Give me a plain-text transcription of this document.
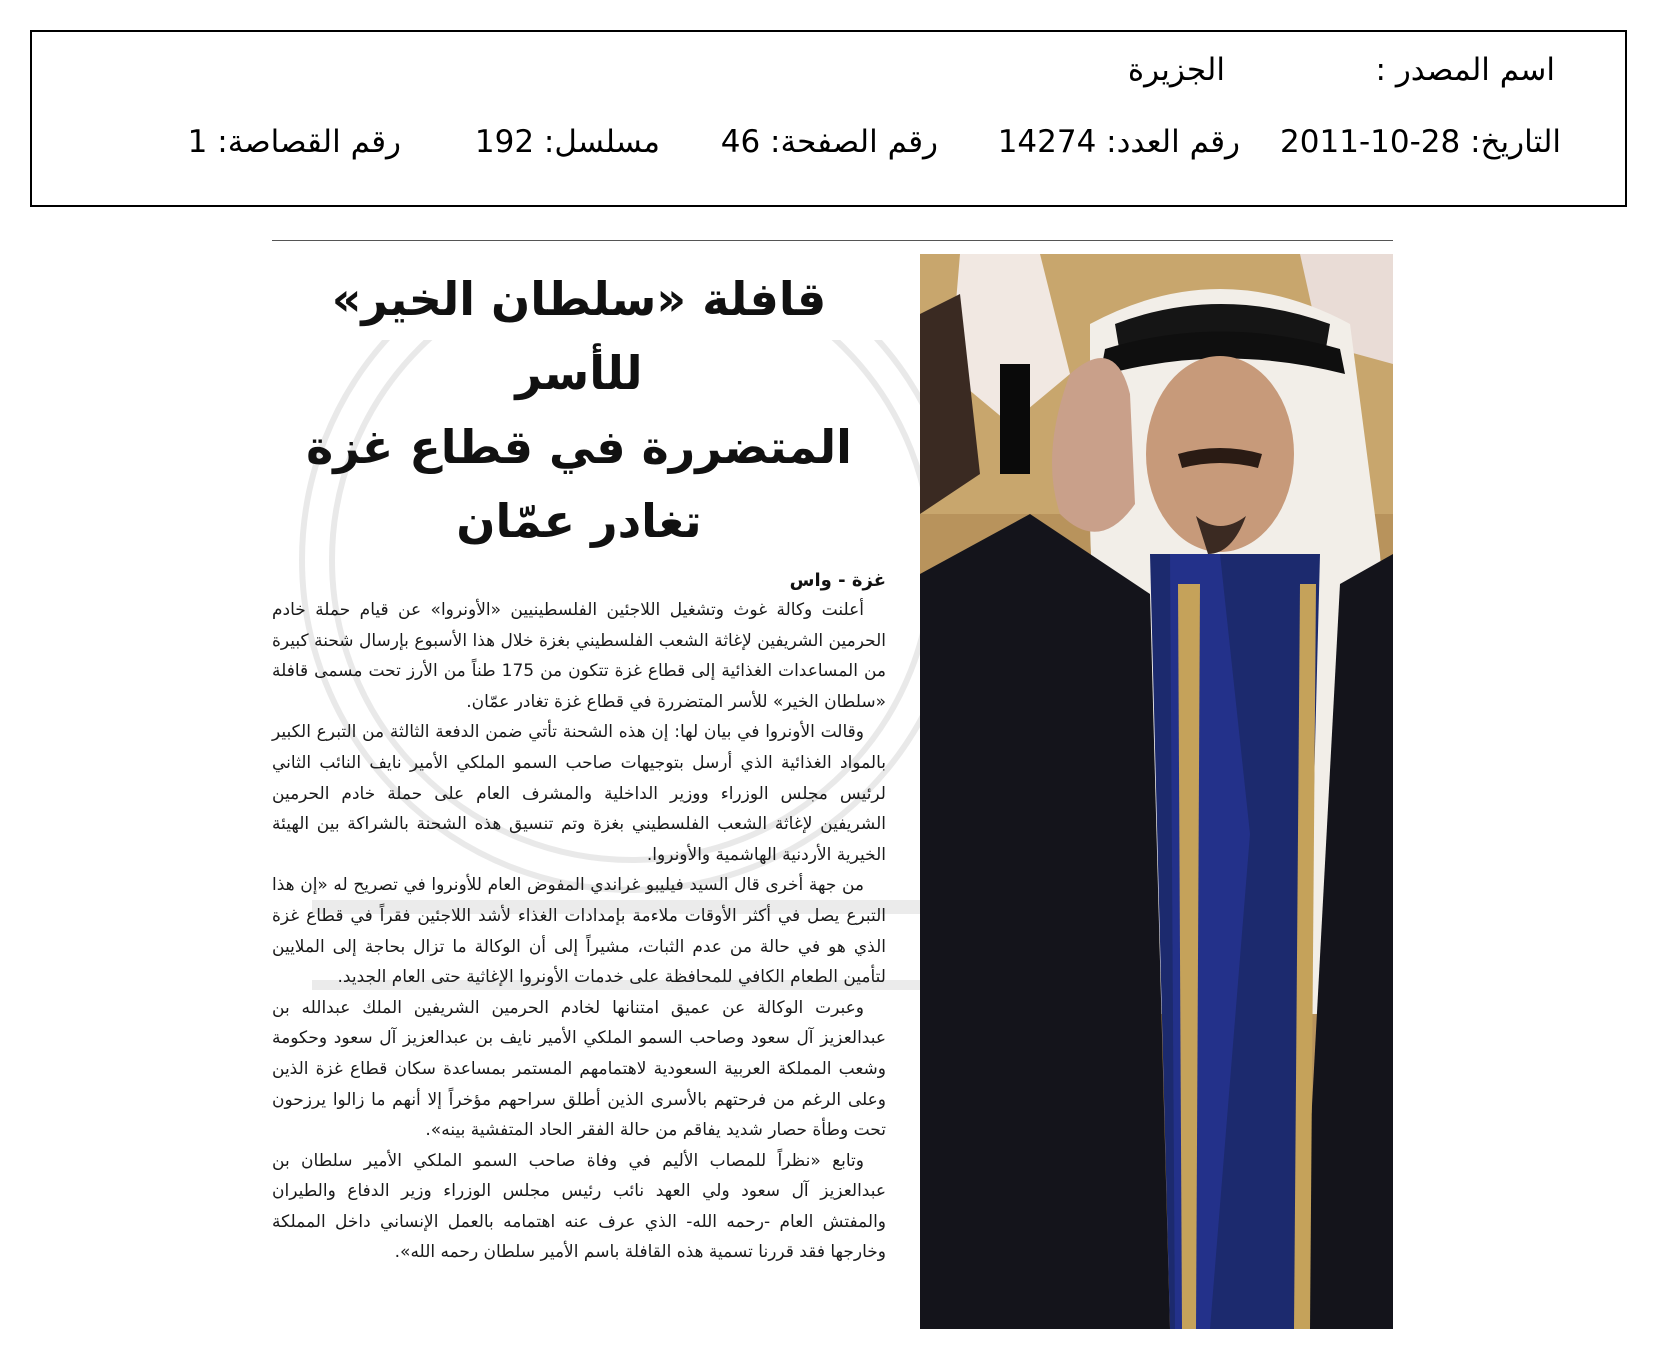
اسم المصدر :
الجزيرة
التاريخ: 28-10-2011
رقم العدد: 14274
رقم الصفحة: 46
مسلسل: 192
رقم القصاصة: 1
قافلة «سلطان الخير» للأسر
المتضررة في قطاع غزة تغادر عمّان
غزة - واس

أعلنت وكالة غوث وتشغيل اللاجئين الفلسطينيين «الأونروا» عن قيام حملة خادم الحرمين الشريفين لإغاثة الشعب الفلسطيني بغزة خلال هذا الأسبوع بإرسال شحنة كبيرة من المساعدات الغذائية إلى قطاع غزة تتكون من 175 طناً من الأرز تحت مسمى قافلة «سلطان الخير» للأسر المتضررة في قطاع غزة تغادر عمّان.

وقالت الأونروا في بيان لها: إن هذه الشحنة تأتي ضمن الدفعة الثالثة من التبرع الكبير بالمواد الغذائية الذي أرسل بتوجيهات صاحب السمو الملكي الأمير نايف النائب الثاني لرئيس مجلس الوزراء ووزير الداخلية والمشرف العام على حملة خادم الحرمين الشريفين لإغاثة الشعب الفلسطيني بغزة وتم تنسيق هذه الشحنة بالشراكة بين الهيئة الخيرية الأردنية الهاشمية والأونروا.

من جهة أخرى قال السيد فيليبو غراندي المفوض العام للأونروا في تصريح له «إن هذا التبرع يصل في أكثر الأوقات ملاءمة بإمدادات الغذاء لأشد اللاجئين فقراً في قطاع غزة الذي هو في حالة من عدم الثبات، مشيراً إلى أن الوكالة ما تزال بحاجة إلى الملايين لتأمين الطعام الكافي للمحافظة على خدمات الأونروا الإغاثية حتى العام الجديد.

وعبرت الوكالة عن عميق امتنانها لخادم الحرمين الشريفين الملك عبدالله بن عبدالعزيز آل سعود وصاحب السمو الملكي الأمير نايف بن عبدالعزيز آل سعود وحكومة وشعب المملكة العربية السعودية لاهتمامهم المستمر بمساعدة سكان قطاع غزة الذين وعلى الرغم من فرحتهم بالأسرى الذين أطلق سراحهم مؤخراً إلا أنهم ما زالوا يرزحون تحت وطأة حصار شديد يفاقم من حالة الفقر الحاد المتفشية بينه».

وتابع «نظراً للمصاب الأليم في وفاة صاحب السمو الملكي الأمير سلطان بن عبدالعزيز آل سعود ولي العهد نائب رئيس مجلس الوزراء وزير الدفاع والطيران والمفتش العام -رحمه الله- الذي عرف عنه اهتمامه بالعمل الإنساني داخل المملكة وخارجها فقد قررنا تسمية هذه القافلة باسم الأمير سلطان رحمه الله».
